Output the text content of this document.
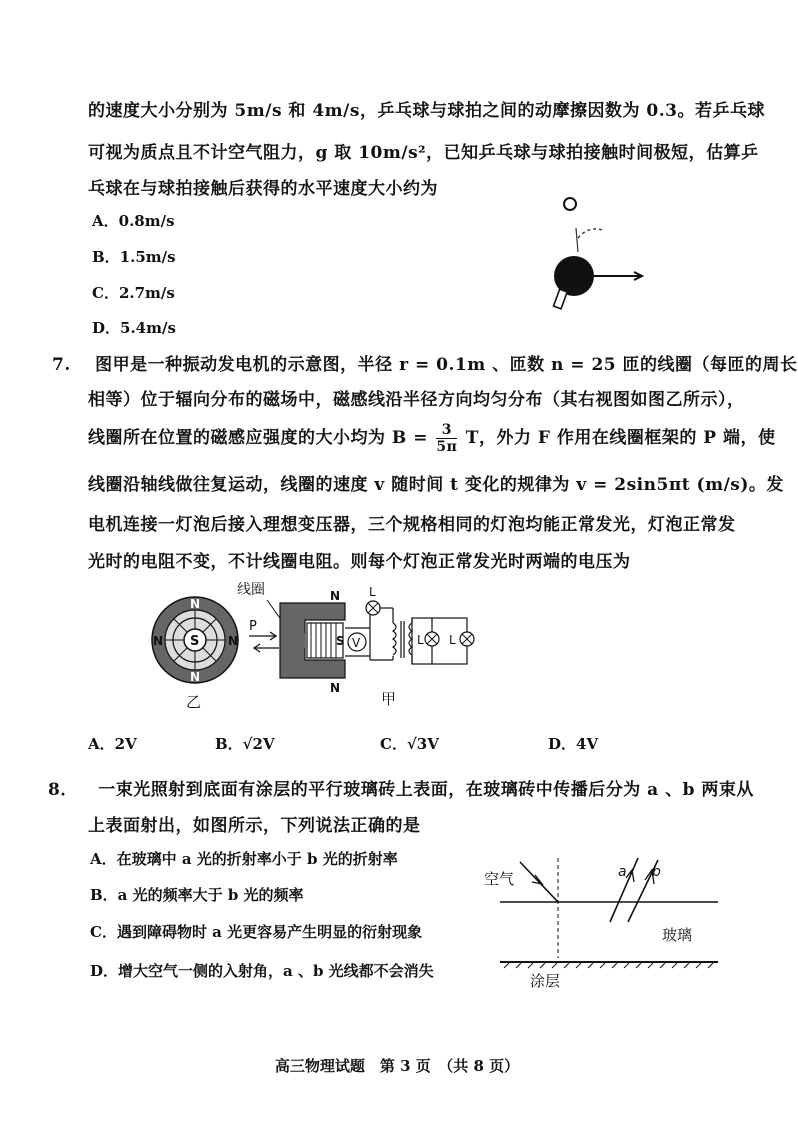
的速度大小分别为 5m/s 和 4m/s，乒乓球与球拍之间的动摩擦因数为 0.3。若乒乓球
可视为质点且不计空气阻力，g 取 10m/s²，已知乒乓球与球拍接触时间极短，估算乒
乓球在与球拍接触后获得的水平速度大小约为
A．0.8m/s
B．1.5m/s
C．2.7m/s
D．5.4m/s
7. 图甲是一种振动发电机的示意图，半径 r = 0.1m 、匝数 n = 25 匝的线圈（每匝的周长
相等）位于辐向分布的磁场中，磁感线沿半径方向均匀分布（其右视图如图乙所示），
线圈所在位置的磁感应强度的大小均为 $B = \frac{3}{5\pi}$ T，外力 F 作用在线圈框架的 P 端，使
线圈沿轴线做往复运动，线圈的速度 v 随时间 t 变化的规律为 v = 2sin5πt (m/s)。发
电机连接一灯泡后接入理想变压器，三个规格相同的灯泡均能正常发光，灯泡正常发
光时的电阻不变，不计线圈电阻。则每个灯泡正常发光时两端的电压为
S
N
N
N	N
乙
线圈	N
N
S
P
V
L
L L
甲
A．2V	B．√2V	C．√3V	D．4V
8． 一束光照射到底面有涂层的平行玻璃砖上表面，在玻璃砖中传播后分为 a 、b 两束从
上表面射出，如图所示，下列说法正确的是
A．在玻璃中 a 光的折射率小于 b 光的折射率
B．a 光的频率大于 b 光的频率
C．遇到障碍物时 a 光更容易产生明显的衍射现象
D．增大空气一侧的入射角，a 、b 光线都不会消失
空气	a b
玻璃
涂层
高三物理试题　第 3 页　（共 8 页）
